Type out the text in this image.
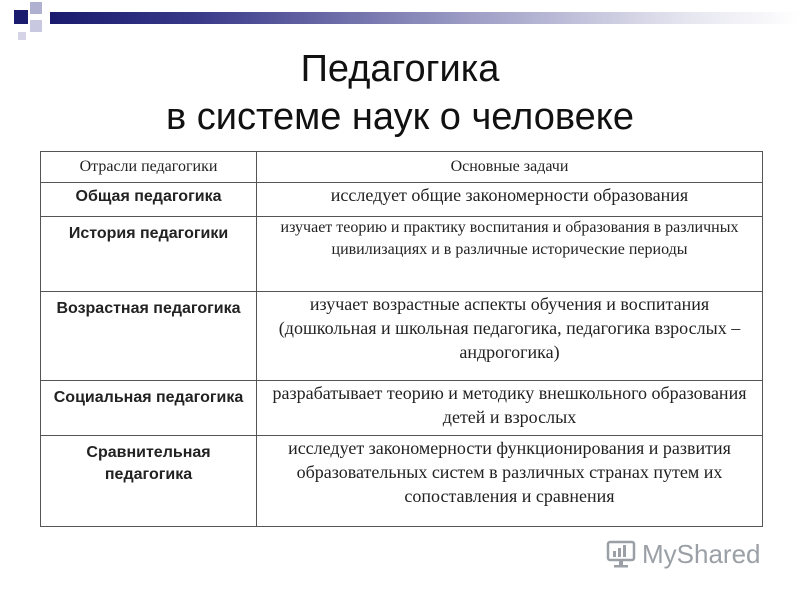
Педагогика
в системе наук о человеке
Отрасли педагогики	Основные задачи
Общая педагогика	исследует общие закономерности образования
История педагогики	изучает теорию и практику воспитания и образования в различных цивилизациях и в различные исторические периоды
Возрастная педагогика	изучает возрастные аспекты обучения и воспитания (дошкольная и школьная педагогика, педагогика взрослых – андрогогика)
Социальная педагогика	разрабатывает теорию и методику внешкольного образования детей и взрослых
Сравнительная педагогика	исследует закономерности функционирования и развития образовательных систем в различных странах путем их сопоставления и сравнения
MyShared
